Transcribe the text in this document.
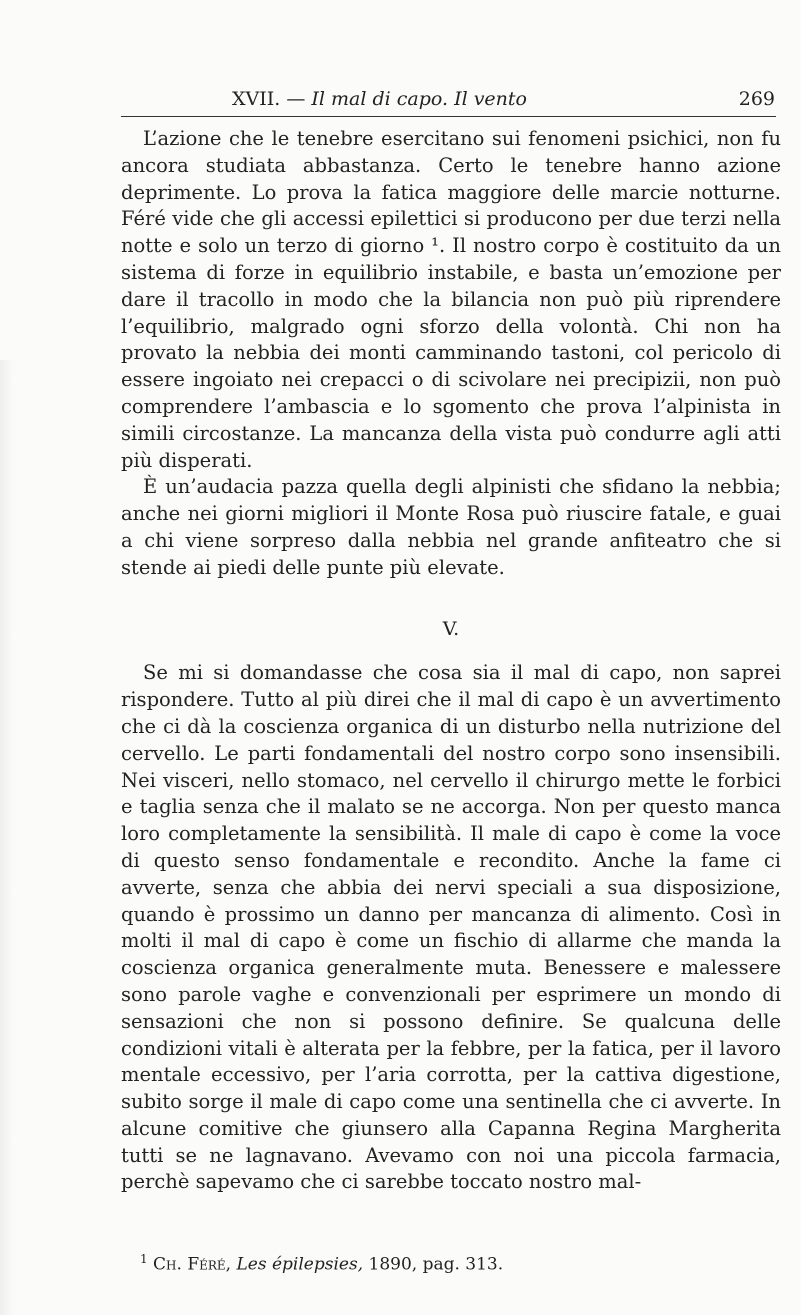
XVII. — Il mal di capo. Il vento	269

L’azione che le tenebre esercitano sui fenomeni psichici, non fu ancora studiata abbastanza. Certo le tenebre hanno azione deprimente. Lo prova la fatica maggiore delle marcie notturne. Féré vide che gli accessi epilettici si producono per due terzi nella notte e solo un terzo di giorno ¹. Il nostro corpo è costituito da un sistema di forze in equilibrio instabile, e basta un’emozione per dare il tracollo in modo che la bilancia non può più riprendere l’equilibrio, malgrado ogni sforzo della volontà. Chi non ha provato la nebbia dei monti camminando tastoni, col pericolo di essere ingoiato nei crepacci o di scivolare nei precipizii, non può comprendere l’ambascia e lo sgomento che prova l’alpinista in simili circostanze. La mancanza della vista può condurre agli atti più disperati.

È un’audacia pazza quella degli alpinisti che sfidano la nebbia; anche nei giorni migliori il Monte Rosa può riuscire fatale, e guai a chi viene sorpreso dalla nebbia nel grande anfiteatro che si stende ai piedi delle punte più elevate.

V.

Se mi si domandasse che cosa sia il mal di capo, non saprei rispondere. Tutto al più direi che il mal di capo è un avvertimento che ci dà la coscienza organica di un disturbo nella nutrizione del cervello. Le parti fondamentali del nostro corpo sono insensibili. Nei visceri, nello stomaco, nel cervello il chirurgo mette le forbici e taglia senza che il malato se ne accorga. Non per questo manca loro completamente la sensibilità. Il male di capo è come la voce di questo senso fondamentale e recondito. Anche la fame ci avverte, senza che abbia dei nervi speciali a sua disposizione, quando è prossimo un danno per mancanza di alimento. Così in molti il mal di capo è come un fischio di allarme che manda la coscienza organica generalmente muta. Benessere e malessere sono parole vaghe e convenzionali per esprimere un mondo di sensazioni che non si possono definire. Se qualcuna delle condizioni vitali è alterata per la febbre, per la fatica, per il lavoro mentale eccessivo, per l’aria corrotta, per la cattiva digestione, subito sorge il male di capo come una sentinella che ci avverte. In alcune comitive che giunsero alla Capanna Regina Margherita tutti se ne lagnavano. Avevamo con noi una piccola farmacia, perchè sapevamo che ci sarebbe toccato nostro mal-

$^1$ Ch. Féré, Les épilepsies, 1890, pag. 313.
